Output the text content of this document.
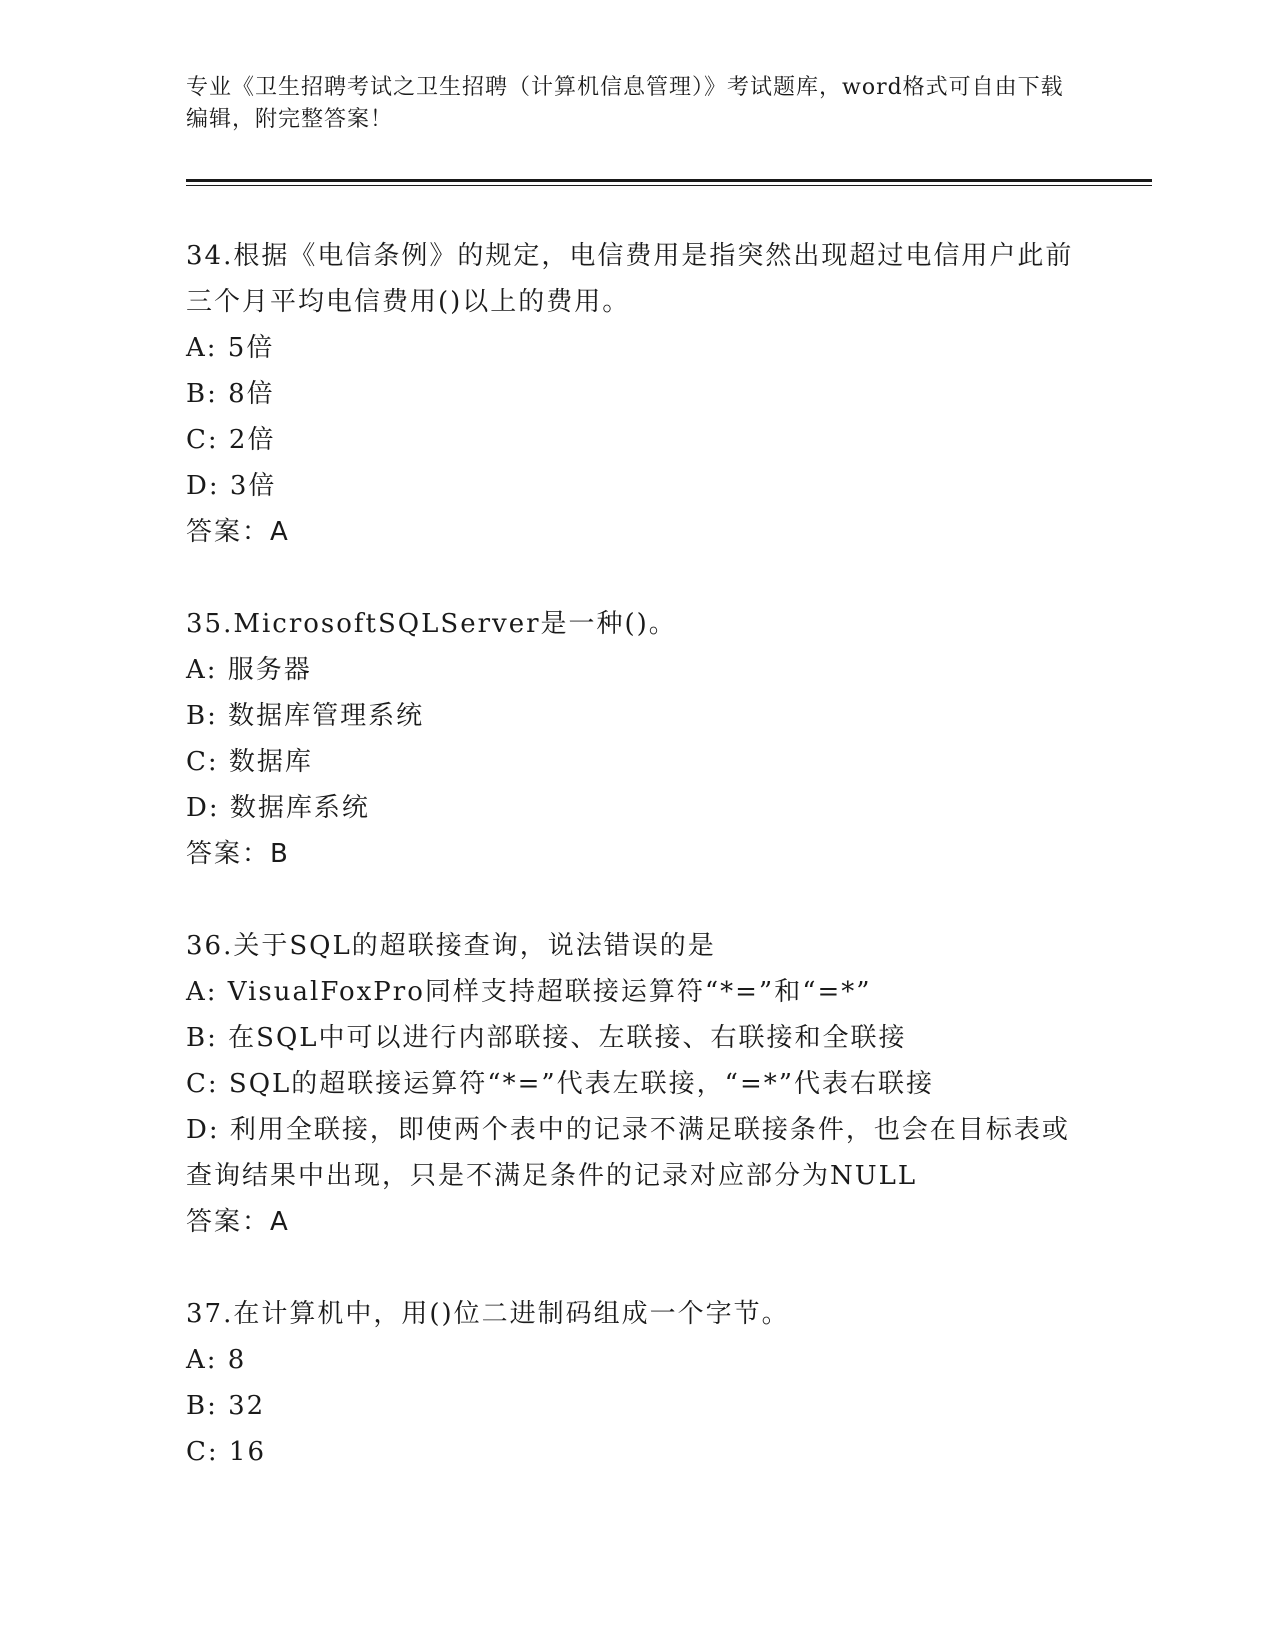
专业《卫生招聘考试之卫生招聘（计算机信息管理）》考试题库，word格式可自由下载编辑，附完整答案！

34.根据《电信条例》的规定，电信费用是指突然出现超过电信用户此前三个月平均电信费用()以上的费用。

A: 5倍

B: 8倍

C: 2倍

D: 3倍

答案：A

35.MicrosoftSQLServer是一种()。

A: 服务器

B: 数据库管理系统

C: 数据库

D: 数据库系统

答案：B

36.关于SQL的超联接查询，说法错误的是

A: VisualFoxPro同样支持超联接运算符“*=”和“=*”

B: 在SQL中可以进行内部联接、左联接、右联接和全联接

C: SQL的超联接运算符“*=”代表左联接，“=*”代表右联接

D: 利用全联接，即使两个表中的记录不满足联接条件，也会在目标表或查询结果中出现，只是不满足条件的记录对应部分为NULL

答案：A

37.在计算机中，用()位二进制码组成一个字节。

A: 8

B: 32

C: 16
